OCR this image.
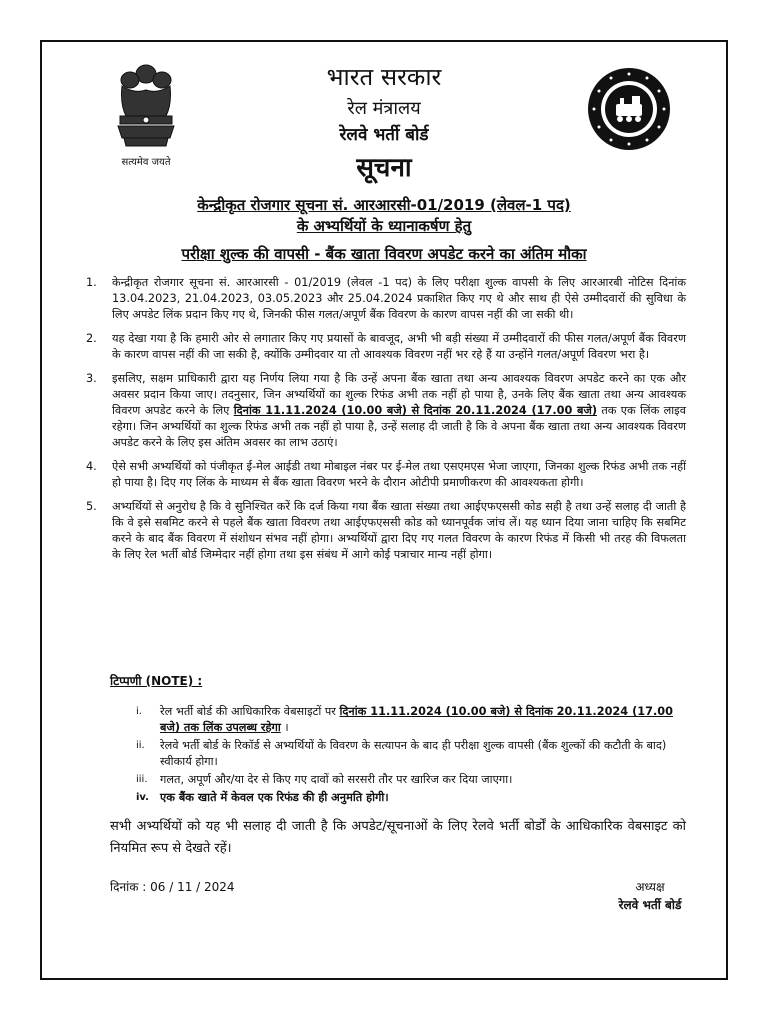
सत्यमेव जयते
भारत सरकार
रेल मंत्रालय
रेलवे भर्ती बोर्ड
सूचना
केन्द्रीकृत रोजगार सूचना सं. आरआरसी-01/2019 (लेवल-1 पद)
के अभ्यर्थियों के ध्यानाकर्षण हेतु
परीक्षा शुल्क की वापसी - बैंक खाता विवरण अपडेट करने का अंतिम मौका
1. केन्द्रीकृत रोजगार सूचना सं. आरआरसी - 01/2019 (लेवल -1 पद) के लिए परीक्षा शुल्क वापसी के लिए आरआरबी नोटिस दिनांक 13.04.2023, 21.04.2023, 03.05.2023 और 25.04.2024 प्रकाशित किए गए थे और साथ ही ऐसे उम्मीदवारों की सुविधा के लिए अपडेट लिंक प्रदान किए गए थे, जिनकी फीस गलत/अपूर्ण बैंक विवरण के कारण वापस नहीं की जा सकी थी।
2. यह देखा गया है कि हमारी ओर से लगातार किए गए प्रयासों के बावजूद, अभी भी बड़ी संख्या में उम्मीदवारों की फीस गलत/अपूर्ण बैंक विवरण के कारण वापस नहीं की जा सकी है, क्योंकि उम्मीदवार या तो आवश्यक विवरण नहीं भर रहे हैं या उन्होंने गलत/अपूर्ण विवरण भरा है।
3. इसलिए, सक्षम प्राधिकारी द्वारा यह निर्णय लिया गया है कि उन्हें अपना बैंक खाता तथा अन्य आवश्यक विवरण अपडेट करने का एक और अवसर प्रदान किया जाए। तदनुसार, जिन अभ्यर्थियों का शुल्क रिफंड अभी तक नहीं हो पाया है, उनके लिए बैंक खाता तथा अन्य आवश्यक विवरण अपडेट करने के लिए दिनांक 11.11.2024 (10.00 बजे) से दिनांक 20.11.2024 (17.00 बजे) तक एक लिंक लाइव रहेगा। जिन अभ्यर्थियों का शुल्क रिफंड अभी तक नहीं हो पाया है, उन्हें सलाह दी जाती है कि वे अपना बैंक खाता तथा अन्य आवश्यक विवरण अपडेट करने के लिए इस अंतिम अवसर का लाभ उठाएं।
4. ऐसे सभी अभ्यर्थियों को पंजीकृत ई-मेल आईडी तथा मोबाइल नंबर पर ई-मेल तथा एसएमएस भेजा जाएगा, जिनका शुल्क रिफंड अभी तक नहीं हो पाया है। दिए गए लिंक के माध्यम से बैंक खाता विवरण भरने के दौरान ओटीपी प्रमाणीकरण की आवश्यकता होगी।
5. अभ्यर्थियों से अनुरोध है कि वे सुनिश्चित करें कि दर्ज किया गया बैंक खाता संख्या तथा आईएफएससी कोड सही है तथा उन्हें सलाह दी जाती है कि वे इसे सबमिट करने से पहले बैंक खाता विवरण तथा आईएफएससी कोड को ध्यानपूर्वक जांच लें। यह ध्यान दिया जाना चाहिए कि सबमिट करने के बाद बैंक विवरण में संशोधन संभव नहीं होगा। अभ्यर्थियों द्वारा दिए गए गलत विवरण के कारण रिफंड में किसी भी तरह की विफलता के लिए रेल भर्ती बोर्ड जिम्मेदार नहीं होगा तथा इस संबंध में आगे कोई पत्राचार मान्य नहीं होगा।
टिप्पणी (NOTE) :
i. रेल भर्ती बोर्ड की आधिकारिक वेबसाइटों पर दिनांक 11.11.2024 (10.00 बजे) से दिनांक 20.11.2024 (17.00 बजे) तक लिंक उपलब्ध रहेगा ।
ii. रेलवे भर्ती बोर्ड के रिकॉर्ड से अभ्यर्थियों के विवरण के सत्यापन के बाद ही परीक्षा शुल्क वापसी (बैंक शुल्कों की कटौती के बाद) स्वीकार्य होगा।
iii. गलत, अपूर्ण और/या देर से किए गए दावों को सरसरी तौर पर खारिज कर दिया जाएगा।
iv. एक बैंक खाते में केवल एक रिफंड की ही अनुमति होगी।
सभी अभ्यर्थियों को यह भी सलाह दी जाती है कि अपडेट/सूचनाओं के लिए रेलवे भर्ती बोर्डों के आधिकारिक वेबसाइट को नियमित रूप से देखते रहें।
दिनांक : 06 / 11 / 2024	अध्यक्ष
रेलवे भर्ती बोर्ड
